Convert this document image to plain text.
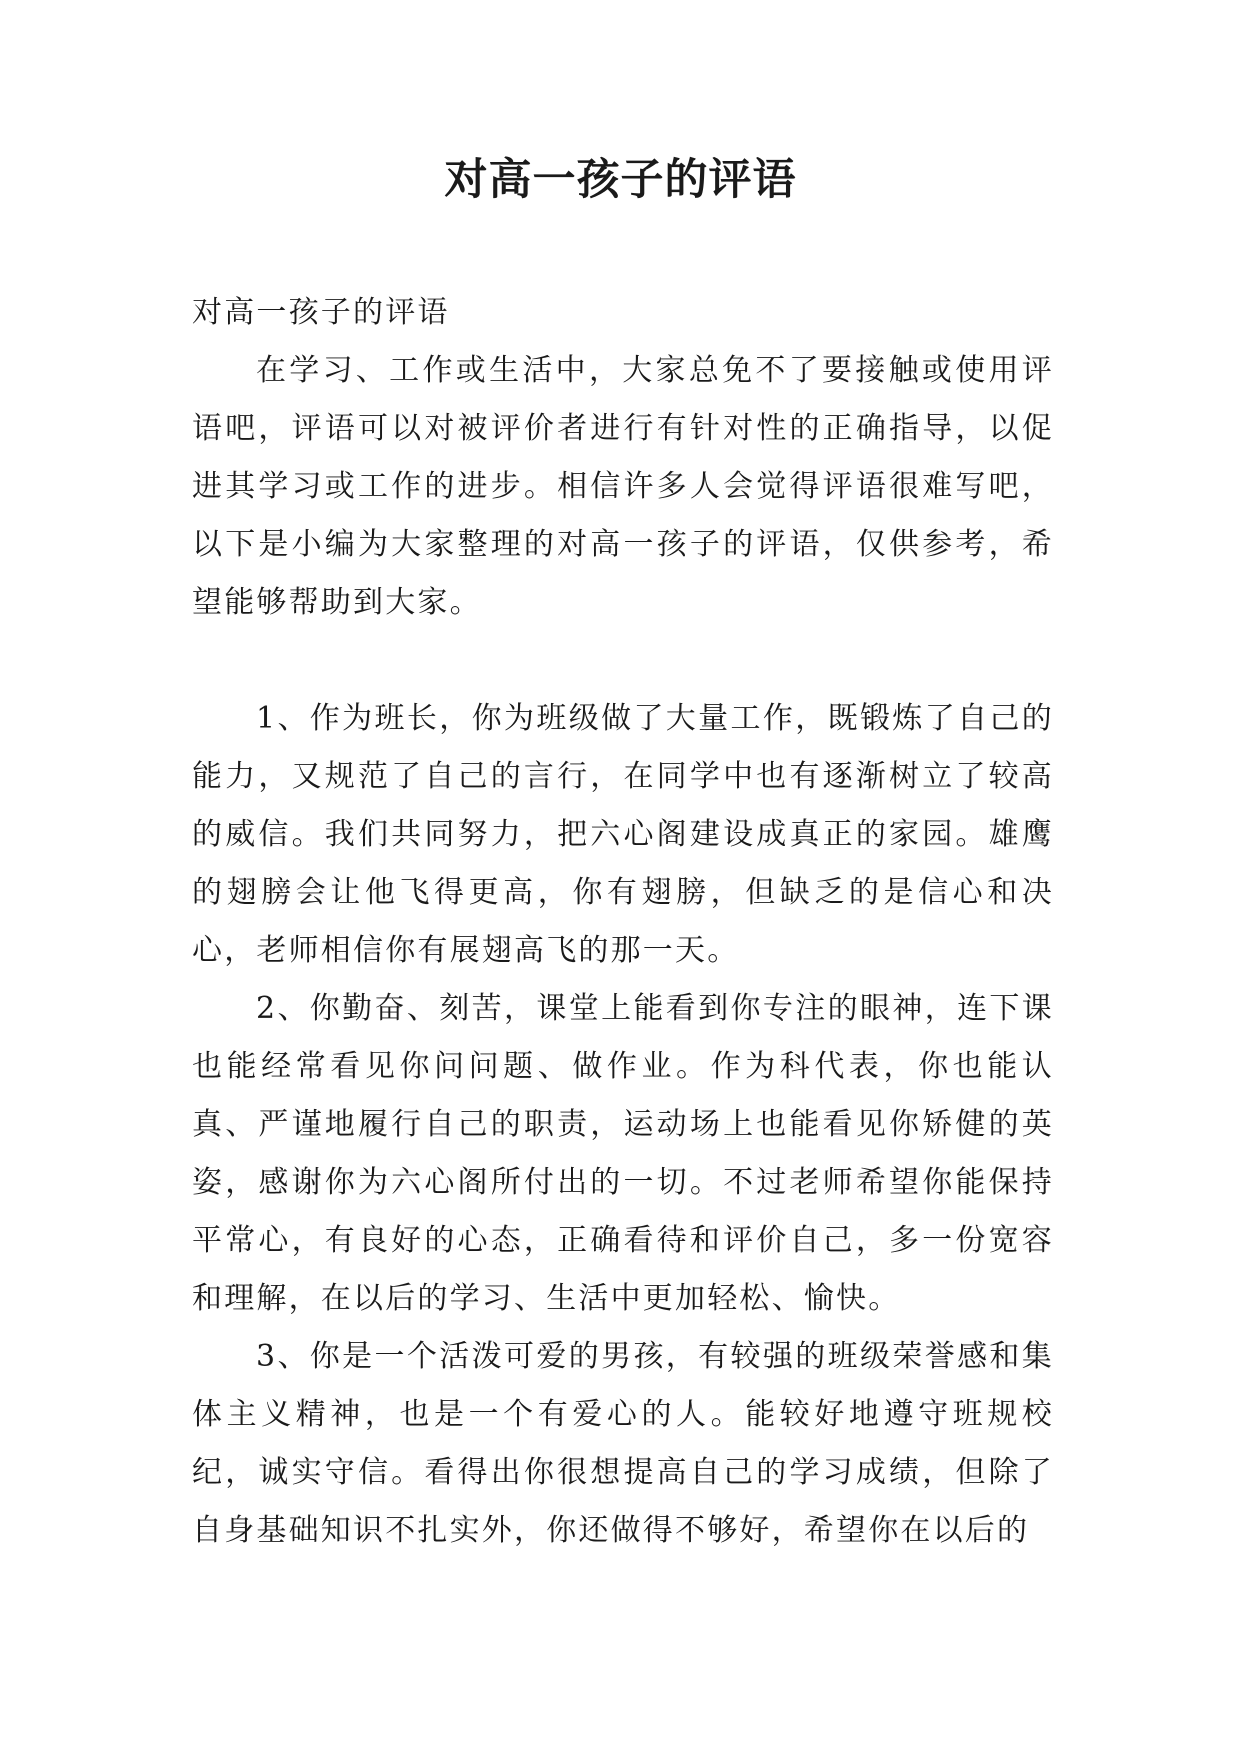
对高一孩子的评语

对高一孩子的评语

在学习、工作或生活中，大家总免不了要接触或使用评语吧，评语可以对被评价者进行有针对性的正确指导，以促进其学习或工作的进步。相信许多人会觉得评语很难写吧，以下是小编为大家整理的对高一孩子的评语，仅供参考，希望能够帮助到大家。

1、作为班长，你为班级做了大量工作，既锻炼了自己的能力，又规范了自己的言行，在同学中也有逐渐树立了较高的威信。我们共同努力，把六心阁建设成真正的家园。雄鹰的翅膀会让他飞得更高，你有翅膀，但缺乏的是信心和决心，老师相信你有展翅高飞的那一天。

2、你勤奋、刻苦，课堂上能看到你专注的眼神，连下课也能经常看见你问问题、做作业。作为科代表，你也能认真、严谨地履行自己的职责，运动场上也能看见你矫健的英姿，感谢你为六心阁所付出的一切。不过老师希望你能保持平常心，有良好的心态，正确看待和评价自己，多一份宽容和理解，在以后的学习、生活中更加轻松、愉快。

3、你是一个活泼可爱的男孩，有较强的班级荣誉感和集体主义精神，也是一个有爱心的人。能较好地遵守班规校纪，诚实守信。看得出你很想提高自己的学习成绩，但除了自身基础知识不扎实外，你还做得不够好，希望你在以后的
